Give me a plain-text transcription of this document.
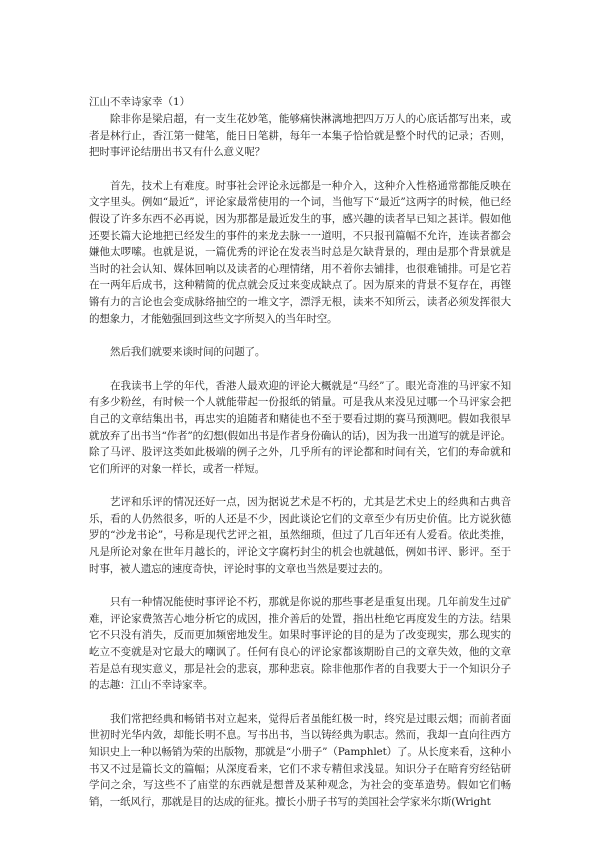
江山不幸诗家幸（1）

除非你是梁启超，有一支生花妙笔，能够痛快淋漓地把四万万人的心底话都写出来，或者是林行止，香江第一健笔，能日日笔耕，每年一本集子恰恰就是整个时代的记录；否则，把时事评论结册出书又有什么意义呢？

首先，技术上有难度。时事社会评论永远都是一种介入，这种介入性格通常都能反映在文字里头。例如“最近”，评论家最常使用的一个词，当他写下“最近”这两字的时候，他已经假设了许多东西不必再说，因为那都是最近发生的事，感兴趣的读者早已知之甚详。假如他还要长篇大论地把已经发生的事件的来龙去脉一一道明，不只报刊篇幅不允许，连读者都会嫌他太啰嗦。也就是说，一篇优秀的评论在发表当时总是欠缺背景的，理由是那个背景就是当时的社会认知、媒体回响以及读者的心理情绪，用不着你去铺排，也很难铺排。可是它若在一两年后成书，这种精简的优点就会反过来变成缺点了。因为原来的背景不复存在，再铿锵有力的言论也会变成脉络抽空的一堆文字，漂浮无根，读来不知所云，读者必须发挥很大的想象力，才能勉强回到这些文字所契入的当年时空。

然后我们就要来谈时间的问题了。

在我读书上学的年代，香港人最欢迎的评论大概就是“马经”了。眼光奇准的马评家不知有多少粉丝，有时候一个人就能带起一份报纸的销量。可是我从来没见过哪一个马评家会把自己的文章结集出书，再忠实的追随者和赌徒也不至于要看过期的赛马预测吧。假如我很早就放弃了出书当“作者”的幻想(假如出书是作者身份确认的话)，因为我一出道写的就是评论。除了马评、股评这类如此极端的例子之外，几乎所有的评论都和时间有关，它们的寿命就和它们所评的对象一样长，或者一样短。

艺评和乐评的情况还好一点，因为据说艺术是不朽的，尤其是艺术史上的经典和古典音乐，看的人仍然很多，听的人还是不少，因此谈论它们的文章至少有历史价值。比方说狄德罗的“沙龙书论”，号称是现代艺评之祖，虽然细琐，但过了几百年还有人爱看。依此类推，凡是所论对象在世年月越长的，评论文字腐朽封尘的机会也就越低，例如书评、影评。至于时事，被人遗忘的速度奇快，评论时事的文章也当然是要过去的。

只有一种情况能使时事评论不朽，那就是你说的那些事老是重复出现。几年前发生过矿难，评论家费煞苦心地分析它的成因，推介善后的处置，指出杜绝它再度发生的方法。结果它不只没有消失，反而更加频密地发生。如果时事评论的目的是为了改变现实，那么现实的屹立不变就是对它最大的嘲讽了。任何有良心的评论家都该期盼自己的文章失效，他的文章若是总有现实意义，那是社会的悲哀，那种悲哀。除非他那作者的自我要大于一个知识分子的志趣：江山不幸诗家幸。

我们常把经典和畅销书对立起来，觉得后者虽能红极一时，终究是过眼云烟；而前者面世初时光华内敛，却能长明不息。写书出书，当以铸经典为职志。然而，我却一直向往西方知识史上一种以畅销为荣的出版物，那就是“小册子”（Pamphlet）了。从长度来看，这种小书又不过是篇长文的篇幅；从深度看来，它们不求专精但求浅显。知识分子在暗育穷经钻研学问之余，写这些不了庙堂的东西就是想普及某种观念，为社会的变革造势。假如它们畅销，一纸风行，那就是目的达成的征兆。擅长小册子书写的美国社会学家米尔斯(Wright
